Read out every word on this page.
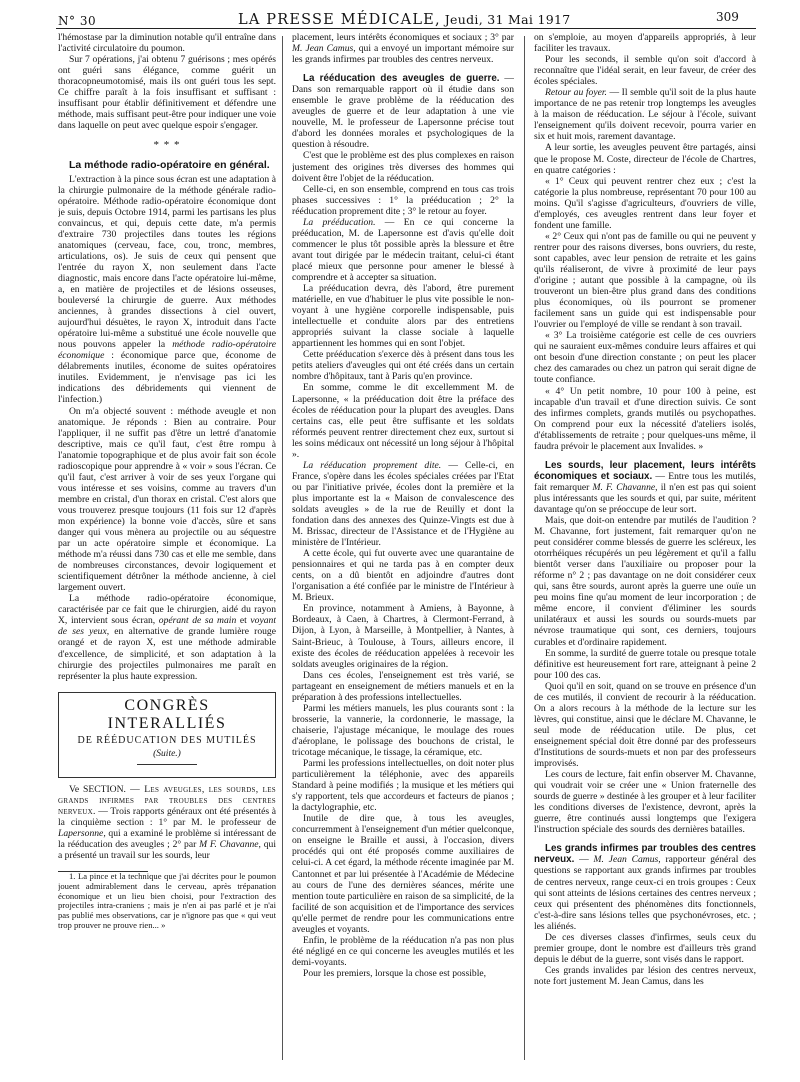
N° 30	LA PRESSE MÉDICALE, Jeudi, 31 Mai 1917	309

l'hémostase par la diminution notable qu'il entraîne dans l'activité circulatoire du poumon.

Sur 7 opérations, j'ai obtenu 7 guérisons ; mes opérés ont guéri sans élégance, comme guérit un thoracopneumotomisé, mais ils ont guéri tous les sept. Ce chiffre paraît à la fois insuffisant et suffisant : insuffisant pour établir définitivement et défendre une méthode, mais suffisant peut-être pour indiquer une voie dans laquelle on peut avec quelque espoir s'engager.

* * *
La méthode radio-opératoire en général.

L'extraction à la pince sous écran est une adaptation à la chirurgie pulmonaire de la méthode générale radio-opératoire. Méthode radio-opératoire économique dont je suis, depuis Octobre 1914, parmi les partisans les plus convaincus, et qui, depuis cette date, m'a permis d'extraire 730 projectiles dans toutes les régions anatomiques (cerveau, face, cou, tronc, membres, articulations, os). Je suis de ceux qui pensent que l'entrée du rayon X, non seulement dans l'acte diagnostic, mais encore dans l'acte opératoire lui-même, a, en matière de projectiles et de lésions osseuses, bouleversé la chirurgie de guerre. Aux méthodes anciennes, à grandes dissections à ciel ouvert, aujourd'hui désuètes, le rayon X, introduit dans l'acte opératoire lui-même a substitué une école nouvelle que nous pouvons appeler la méthode radio-opératoire économique : économique parce que, économe de délabrements inutiles, économe de suites opératoires inutiles. Evidemment, je n'envisage pas ici les indications des débridements qui viennent de l'infection.)

On m'a objecté souvent : méthode aveugle et non anatomique. Je réponds : Bien au contraire. Pour l'appliquer, il ne suffit pas d'être un lettré d'anatomie descriptive, mais ce qu'il faut, c'est être rompu à l'anatomie topographique et de plus avoir fait son école radioscopique pour apprendre à « voir » sous l'écran. Ce qu'il faut, c'est arriver à voir de ses yeux l'organe qui vous intéresse et ses voisins, comme au travers d'un membre en cristal, d'un thorax en cristal. C'est alors que vous trouverez presque toujours (11 fois sur 12 d'après mon expérience) la bonne voie d'accès, sûre et sans danger qui vous mènera au projectile ou au séquestre par un acte opératoire simple et économique. La méthode m'a réussi dans 730 cas et elle me semble, dans de nombreuses circonstances, devoir logiquement et scientifiquement détrôner la méthode ancienne, à ciel largement ouvert.

La méthode radio-opératoire économique, caractérisée par ce fait que le chirurgien, aidé du rayon X, intervient sous écran, opérant de sa main et voyant de ses yeux, en alternative de grande lumière rouge orangé et de rayon X, est une méthode admirable d'excellence, de simplicité, et son adaptation à la chirurgie des projectiles pulmonaires me paraît en représenter la plus haute expression.

CONGRÈS INTERALLIÉS
DE RÉÉDUCATION DES MUTILÉS
(Suite.)

Ve SECTION. — Les aveugles, les sourds, les grands infirmes par troubles des centres nerveux. — Trois rapports généraux ont été présentés à la cinquième section : 1° par M. le professeur de Lapersonne, qui a examiné le problème si intéressant de la rééducation des aveugles ; 2° par M F. Chavanne, qui a présenté un travail sur les sourds, leur

1. La pince et la technique que j'ai décrites pour le poumon jouent admirablement dans le cerveau, après trépanation économique et un lieu bien choisi, pour l'extraction des projectiles intra-craniens ; mais je n'en ai pas parlé et je n'ai pas publié mes observations, car je n'ignore pas que « qui veut trop prouver ne prouve rien... »

placement, leurs intérêts économiques et sociaux ; 3° par M. Jean Camus, qui a envoyé un important mémoire sur les grands infirmes par troubles des centres nerveux.

La rééducation des aveugles de guerre. — Dans son remarquable rapport où il étudie dans son ensemble le grave problème de la rééducation des aveugles de guerre et de leur adaptation à une vie nouvelle, M. le professeur de Lapersonne précise tout d'abord les données morales et psychologiques de la question à résoudre.

C'est que le problème est des plus complexes en raison justement des origines très diverses des hommes qui doivent être l'objet de la rééducation.

Celle-ci, en son ensemble, comprend en tous cas trois phases successives : 1° la prééducation ; 2° la rééducation proprement dite ; 3° le retour au foyer.

La prééducation. — En ce qui concerne la prééducation, M. de Lapersonne est d'avis qu'elle doit commencer le plus tôt possible après la blessure et être avant tout dirigée par le médecin traitant, celui-ci étant placé mieux que personne pour amener le blessé à comprendre et à accepter sa situation.

La prééducation devra, dès l'abord, être purement matérielle, en vue d'habituer le plus vite possible le non-voyant à une hygiène corporelle indispensable, puis intellectuelle et conduite alors par des entretiens appropriés suivant la classe sociale à laquelle appartiennent les hommes qui en sont l'objet.

Cette prééducation s'exerce dès à présent dans tous les petits ateliers d'aveugles qui ont été créés dans un certain nombre d'hôpitaux, tant à Paris qu'en province.

En somme, comme le dit excellemment M. de Lapersonne, « la prééducation doit être la préface des écoles de rééducation pour la plupart des aveugles. Dans certains cas, elle peut être suffisante et les soldats réformés peuvent rentrer directement chez eux, surtout si les soins médicaux ont nécessité un long séjour à l'hôpital ».

La rééducation proprement dite. — Celle-ci, en France, s'opère dans les écoles spéciales créées par l'Etat ou par l'initiative privée, écoles dont la première et la plus importante est la « Maison de convalescence des soldats aveugles » de la rue de Reuilly et dont la fondation dans des annexes des Quinze-Vingts est due à M. Brissac, directeur de l'Assistance et de l'Hygiène au ministère de l'Intérieur.

A cette école, qui fut ouverte avec une quarantaine de pensionnaires et qui ne tarda pas à en compter deux cents, on a dû bientôt en adjoindre d'autres dont l'organisation a été confiée par le ministre de l'Intérieur à M. Brieux.

En province, notamment à Amiens, à Bayonne, à Bordeaux, à Caen, à Chartres, à Clermont-Ferrand, à Dijon, à Lyon, à Marseille, à Montpellier, à Nantes, à Saint-Brieuc, à Toulouse, à Tours, ailleurs encore, il existe des écoles de rééducation appelées à recevoir les soldats aveugles originaires de la région.

Dans ces écoles, l'enseignement est très varié, se partageant en enseignement de métiers manuels et en la préparation à des professions intellectuelles.

Parmi les métiers manuels, les plus courants sont : la brosserie, la vannerie, la cordonnerie, le massage, la chaiserie, l'ajustage mécanique, le moulage des roues d'aéroplane, le polissage des bouchons de cristal, le tricotage mécanique, le tissage, la céramique, etc.

Parmi les professions intellectuelles, on doit noter plus particulièrement la téléphonie, avec des appareils Standard à peine modifiés ; la musique et les métiers qui s'y rapportent, tels que accordeurs et facteurs de pianos ; la dactylographie, etc.

Inutile de dire que, à tous les aveugles, concurremment à l'enseignement d'un métier quelconque, on enseigne le Braille et aussi, à l'occasion, divers procédés qui ont été proposés comme auxiliaires de celui-ci. A cet égard, la méthode récente imaginée par M. Cantonnet et par lui présentée à l'Académie de Médecine au cours de l'une des dernières séances, mérite une mention toute particulière en raison de sa simplicité, de la facilité de son acquisition et de l'importance des services qu'elle permet de rendre pour les communications entre aveugles et voyants.

Enfin, le problème de la rééducation n'a pas non plus été négligé en ce qui concerne les aveugles mutilés et les demi-voyants.

Pour les premiers, lorsque la chose est possible,

on s'emploie, au moyen d'appareils appropriés, à leur faciliter les travaux.

Pour les seconds, il semble qu'on soit d'accord à reconnaître que l'idéal serait, en leur faveur, de créer des écoles spéciales.

Retour au foyer. — Il semble qu'il soit de la plus haute importance de ne pas retenir trop longtemps les aveugles à la maison de rééducation. Le séjour à l'école, suivant l'enseignement qu'ils doivent recevoir, pourra varier en six et huit mois, rarement davantage.

A leur sortie, les aveugles peuvent être partagés, ainsi que le propose M. Coste, directeur de l'école de Chartres, en quatre catégories :

« 1° Ceux qui peuvent rentrer chez eux ; c'est la catégorie la plus nombreuse, représentant 70 pour 100 au moins. Qu'il s'agisse d'agriculteurs, d'ouvriers de ville, d'employés, ces aveugles rentrent dans leur foyer et fondent une famille.

« 2° Ceux qui n'ont pas de famille ou qui ne peuvent y rentrer pour des raisons diverses, bons ouvriers, du reste, sont capables, avec leur pension de retraite et les gains qu'ils réaliseront, de vivre à proximité de leur pays d'origine ; autant que possible à la campagne, où ils trouveront un bien-être plus grand dans des conditions plus économiques, où ils pourront se promener facilement sans un guide qui est indispensable pour l'ouvrier ou l'employé de ville se rendant à son travail.

« 3° La troisième catégorie est celle de ces ouvriers qui ne sauraient eux-mêmes conduire leurs affaires et qui ont besoin d'une direction constante ; on peut les placer chez des camarades ou chez un patron qui serait digne de toute confiance.

« 4° Un petit nombre, 10 pour 100 à peine, est incapable d'un travail et d'une direction suivis. Ce sont des infirmes complets, grands mutilés ou psychopathes. On comprend pour eux la nécessité d'ateliers isolés, d'établissements de retraite ; pour quelques-uns même, il faudra prévoir le placement aux Invalides. »

Les sourds, leur placement, leurs intérêts économiques et sociaux. — Entre tous les mutilés, fait remarquer M. F. Chavanne, il n'en est pas qui soient plus intéressants que les sourds et qui, par suite, méritent davantage qu'on se préoccupe de leur sort.

Mais, que doit-on entendre par mutilés de l'audition ? M. Chavanne, fort justement, fait remarquer qu'on ne peut considérer comme blessés de guerre les scléreux, les otorrhéiques récupérés un peu légèrement et qu'il a fallu bientôt verser dans l'auxiliaire ou proposer pour la réforme n° 2 ; pas davantage on ne doit considérer ceux qui, sans être sourds, auront après la guerre une ouïe un peu moins fine qu'au moment de leur incorporation ; de même encore, il convient d'éliminer les sourds unilatéraux et aussi les sourds ou sourds-muets par névrose traumatique qui sont, ces derniers, toujours curables et d'ordinaire rapidement.

En somme, la surdité de guerre totale ou presque totale définitive est heureusement fort rare, atteignant à peine 2 pour 100 des cas.

Quoi qu'il en soit, quand on se trouve en présence d'un de ces mutilés, il convient de recourir à la rééducation. On a alors recours à la méthode de la lecture sur les lèvres, qui constitue, ainsi que le déclare M. Chavanne, le seul mode de rééducation utile. De plus, cet enseignement spécial doit être donné par des professeurs d'Institutions de sourds-muets et non par des professeurs improvisés.

Les cours de lecture, fait enfin observer M. Chavanne, qui voudrait voir se créer une « Union fraternelle des sourds de guerre » destinée à les grouper et à leur faciliter les conditions diverses de l'existence, devront, après la guerre, être continués aussi longtemps que l'exigera l'instruction spéciale des sourds des dernières batailles.

Les grands infirmes par troubles des centres nerveux. — M. Jean Camus, rapporteur général des questions se rapportant aux grands infirmes par troubles de centres nerveux, range ceux-ci en trois groupes : Ceux qui sont atteints de lésions certaines des centres nerveux ; ceux qui présentent des phénomènes dits fonctionnels, c'est-à-dire sans lésions telles que psychonévroses, etc. ; les aliénés.

De ces diverses classes d'infirmes, seuls ceux du premier groupe, dont le nombre est d'ailleurs très grand depuis le début de la guerre, sont visés dans le rapport.

Ces grands invalides par lésion des centres nerveux, note fort justement M. Jean Camus, dans les
